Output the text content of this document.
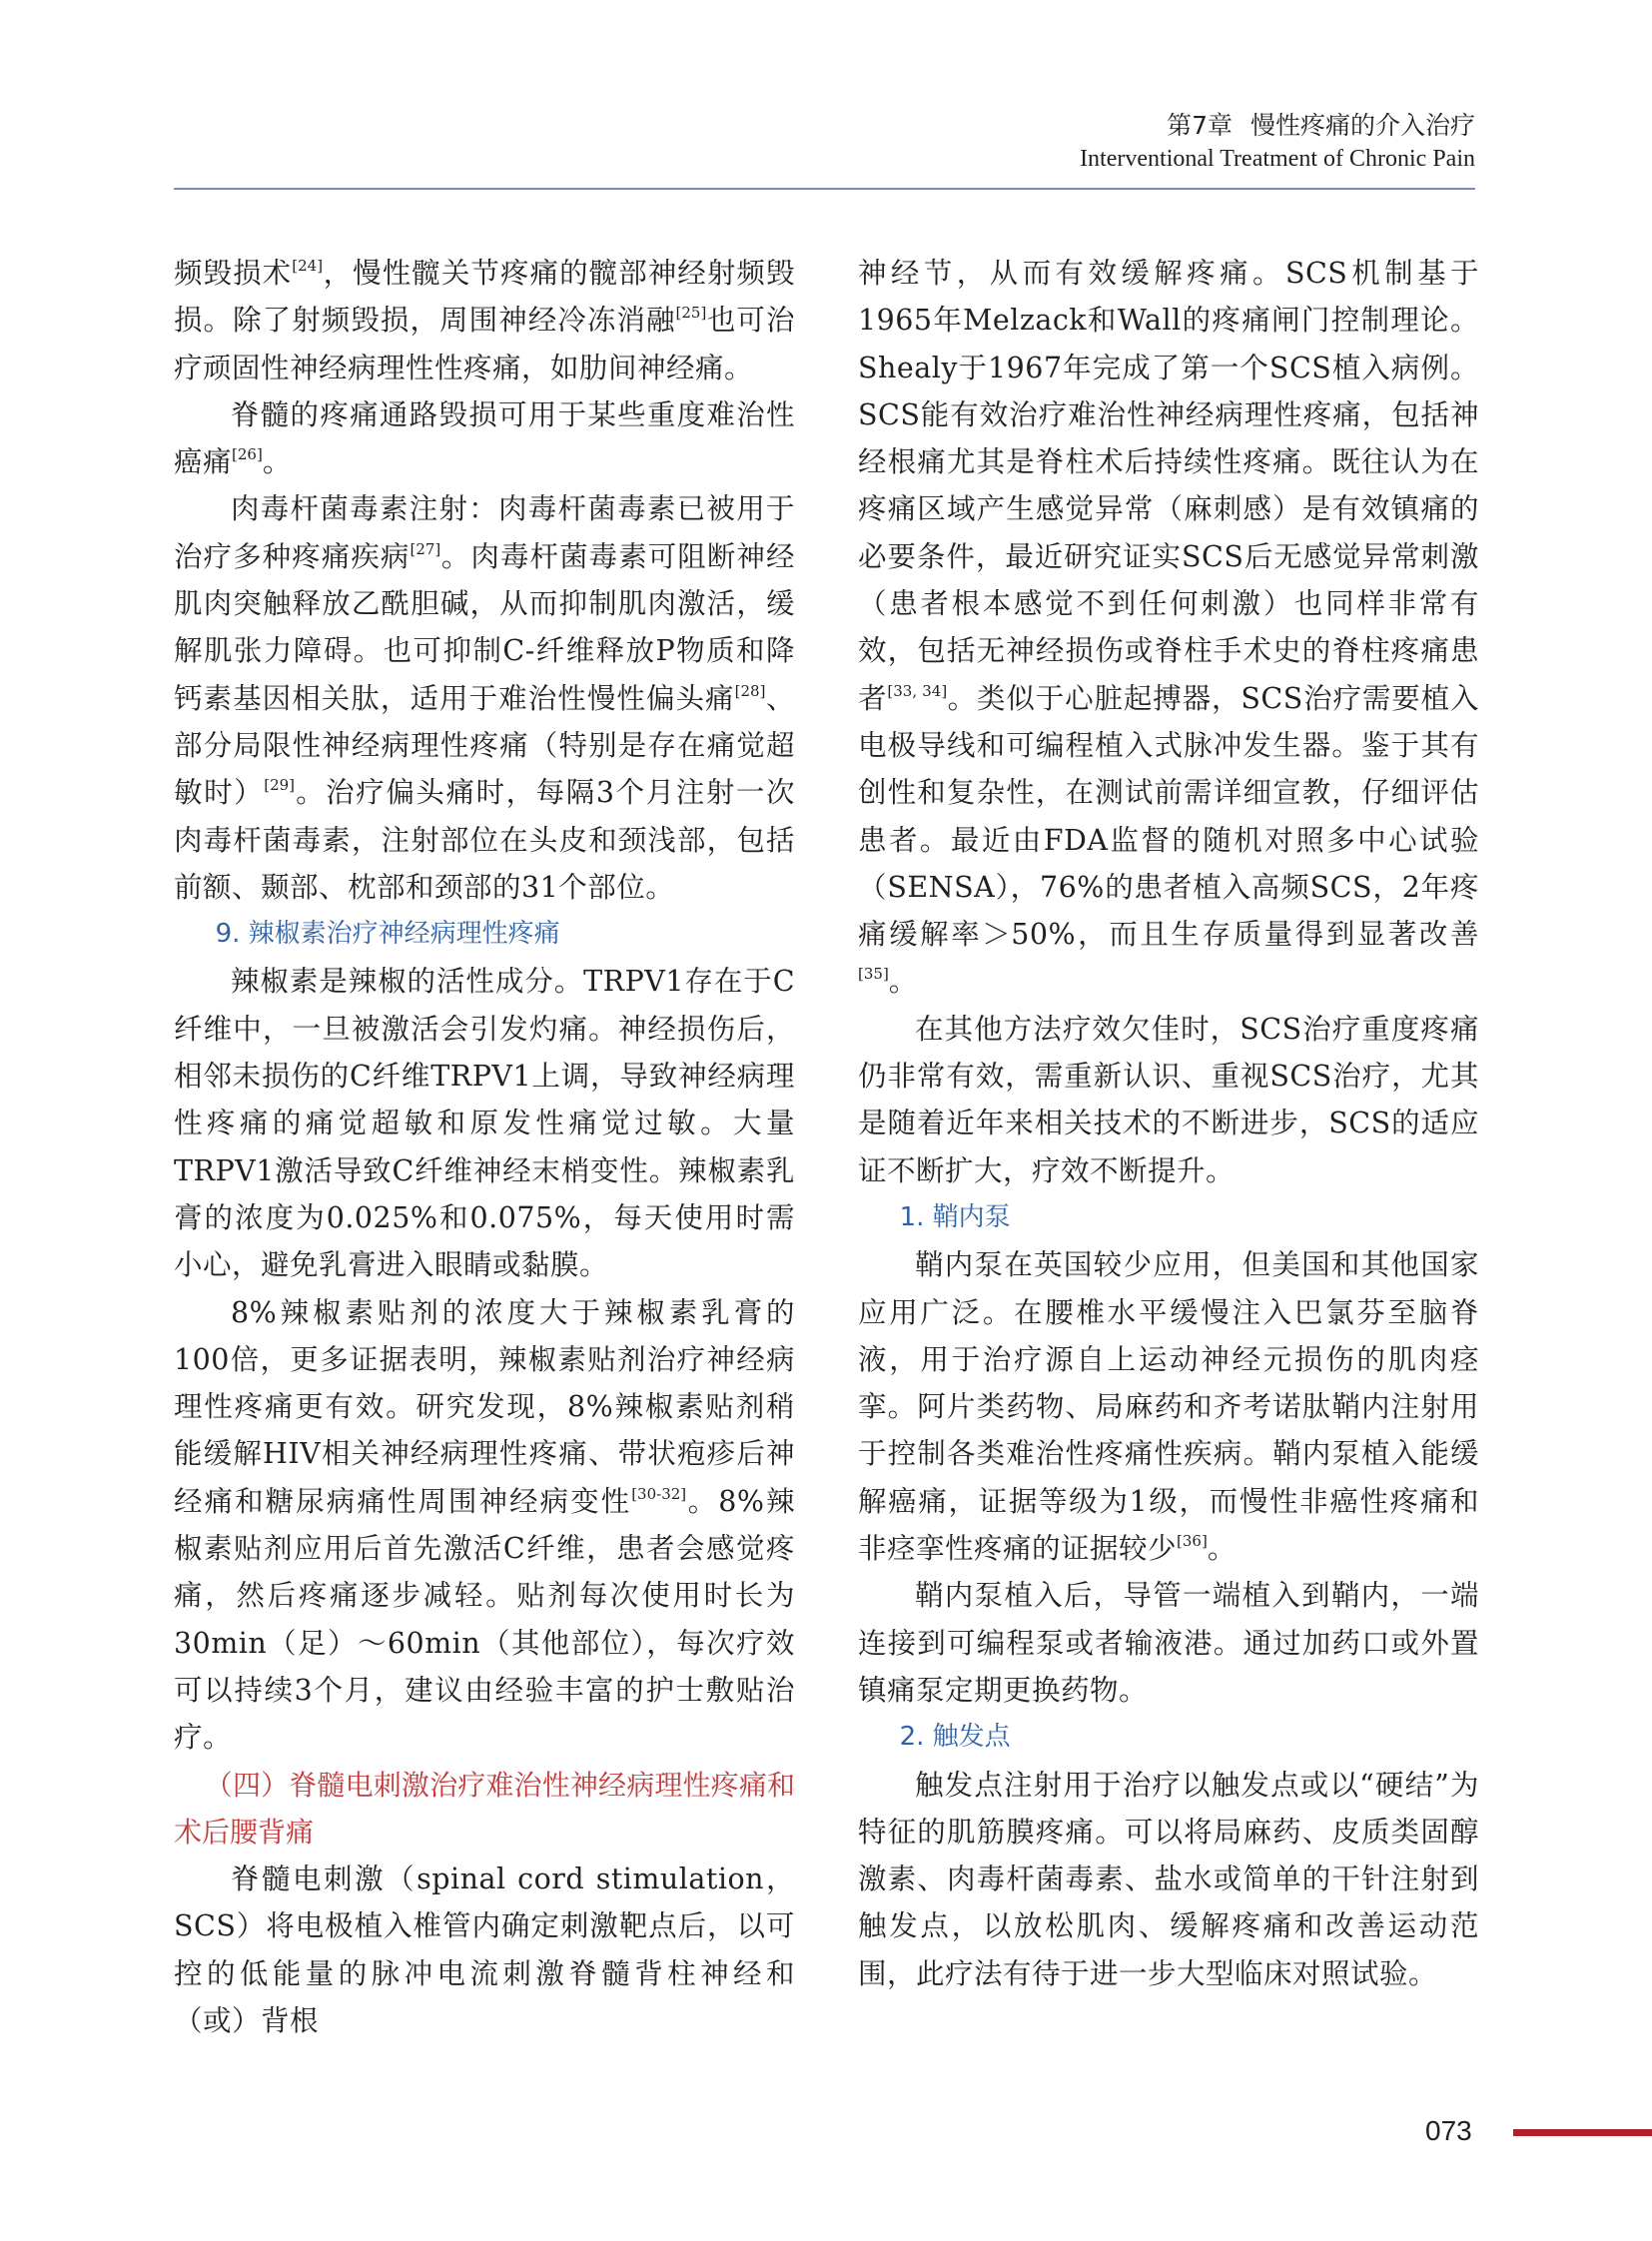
第7章 慢性疼痛的介入治疗
Interventional Treatment of Chronic Pain

频毁损术[24]，慢性髋关节疼痛的髋部神经射频毁损。除了射频毁损，周围神经冷冻消融[25]也可治疗顽固性神经病理性性疼痛，如肋间神经痛。

脊髓的疼痛通路毁损可用于某些重度难治性癌痛[26]。

肉毒杆菌毒素注射：肉毒杆菌毒素已被用于治疗多种疼痛疾病[27]。肉毒杆菌毒素可阻断神经肌肉突触释放乙酰胆碱，从而抑制肌肉激活，缓解肌张力障碍。也可抑制C-纤维释放P物质和降钙素基因相关肽，适用于难治性慢性偏头痛[28]、部分局限性神经病理性疼痛（特别是存在痛觉超敏时）[29]。治疗偏头痛时，每隔3个月注射一次肉毒杆菌毒素，注射部位在头皮和颈浅部，包括前额、颞部、枕部和颈部的31个部位。

9. 辣椒素治疗神经病理性疼痛

辣椒素是辣椒的活性成分。TRPV1存在于C纤维中，一旦被激活会引发灼痛。神经损伤后，相邻未损伤的C纤维TRPV1上调，导致神经病理性疼痛的痛觉超敏和原发性痛觉过敏。大量TRPV1激活导致C纤维神经末梢变性。辣椒素乳膏的浓度为0.025%和0.075%，每天使用时需小心，避免乳膏进入眼睛或黏膜。

8%辣椒素贴剂的浓度大于辣椒素乳膏的100倍，更多证据表明，辣椒素贴剂治疗神经病理性疼痛更有效。研究发现，8%辣椒素贴剂稍能缓解HIV相关神经病理性疼痛、带状疱疹后神经痛和糖尿病痛性周围神经病变性[30-32]。8%辣椒素贴剂应用后首先激活C纤维，患者会感觉疼痛，然后疼痛逐步减轻。贴剂每次使用时长为30min（足）～60min（其他部位），每次疗效可以持续3个月，建议由经验丰富的护士敷贴治疗。

（四）脊髓电刺激治疗难治性神经病理性疼痛和术后腰背痛

脊髓电刺激（spinal cord stimulation，SCS）将电极植入椎管内确定刺激靶点后，以可控的低能量的脉冲电流刺激脊髓背柱神经和（或）背根

神经节，从而有效缓解疼痛。SCS机制基于1965年Melzack和Wall的疼痛闸门控制理论。Shealy于1967年完成了第一个SCS植入病例。SCS能有效治疗难治性神经病理性疼痛，包括神经根痛尤其是脊柱术后持续性疼痛。既往认为在疼痛区域产生感觉异常（麻刺感）是有效镇痛的必要条件，最近研究证实SCS后无感觉异常刺激（患者根本感觉不到任何刺激）也同样非常有效，包括无神经损伤或脊柱手术史的脊柱疼痛患者[33, 34]。类似于心脏起搏器，SCS治疗需要植入电极导线和可编程植入式脉冲发生器。鉴于其有创性和复杂性，在测试前需详细宣教，仔细评估患者。最近由FDA监督的随机对照多中心试验（SENSA），76%的患者植入高频SCS，2年疼痛缓解率＞50%，而且生存质量得到显著改善[35]。

在其他方法疗效欠佳时，SCS治疗重度疼痛仍非常有效，需重新认识、重视SCS治疗，尤其是随着近年来相关技术的不断进步，SCS的适应证不断扩大，疗效不断提升。

1. 鞘内泵

鞘内泵在英国较少应用，但美国和其他国家应用广泛。在腰椎水平缓慢注入巴氯芬至脑脊液，用于治疗源自上运动神经元损伤的肌肉痉挛。阿片类药物、局麻药和齐考诺肽鞘内注射用于控制各类难治性疼痛性疾病。鞘内泵植入能缓解癌痛，证据等级为1级，而慢性非癌性疼痛和非痉挛性疼痛的证据较少[36]。

鞘内泵植入后，导管一端植入到鞘内，一端连接到可编程泵或者输液港。通过加药口或外置镇痛泵定期更换药物。

2. 触发点

触发点注射用于治疗以触发点或以“硬结”为特征的肌筋膜疼痛。可以将局麻药、皮质类固醇激素、肉毒杆菌毒素、盐水或简单的干针注射到触发点，以放松肌肉、缓解疼痛和改善运动范围，此疗法有待于进一步大型临床对照试验。

073
